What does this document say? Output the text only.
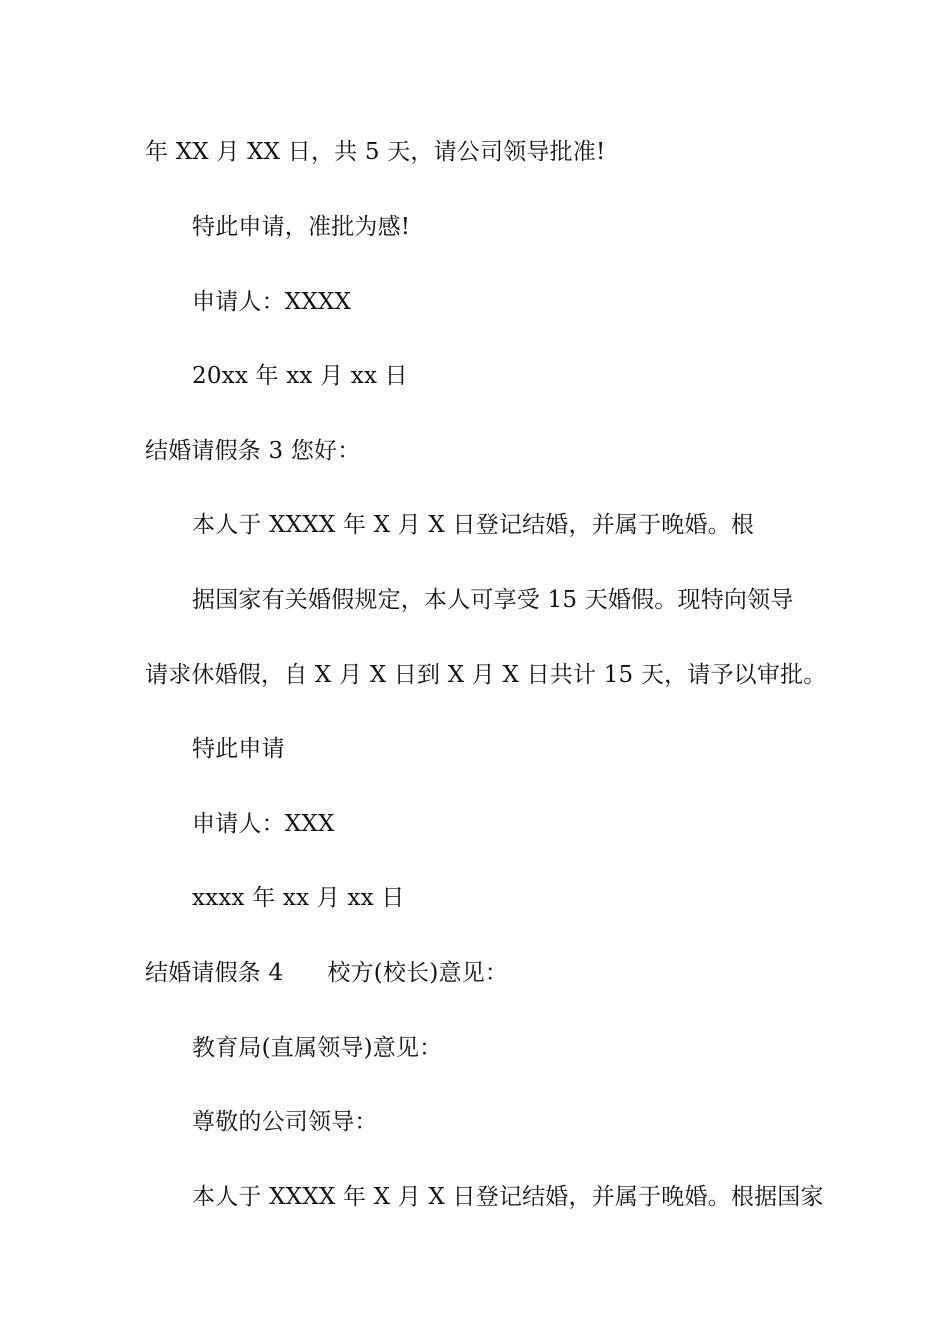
年 XX 月 XX 日，共 5 天，请公司领导批准!

特此申请，准批为感!

申请人：XXXX

20xx 年 xx 月 xx 日

结婚请假条 3 您好：

本人于 XXXX 年 X 月 X 日登记结婚，并属于晚婚。根

据国家有关婚假规定，本人可享受 15 天婚假。现特向领导

请求休婚假，自 X 月 X 日到 X 月 X 日共计 15 天，请予以审批。

特此申请

申请人：XXX

xxxx 年 xx 月 xx 日

结婚请假条 4 校方(校长)意见：

教育局(直属领导)意见：

尊敬的公司领导：

本人于 XXXX 年 X 月 X 日登记结婚，并属于晚婚。根据国家
